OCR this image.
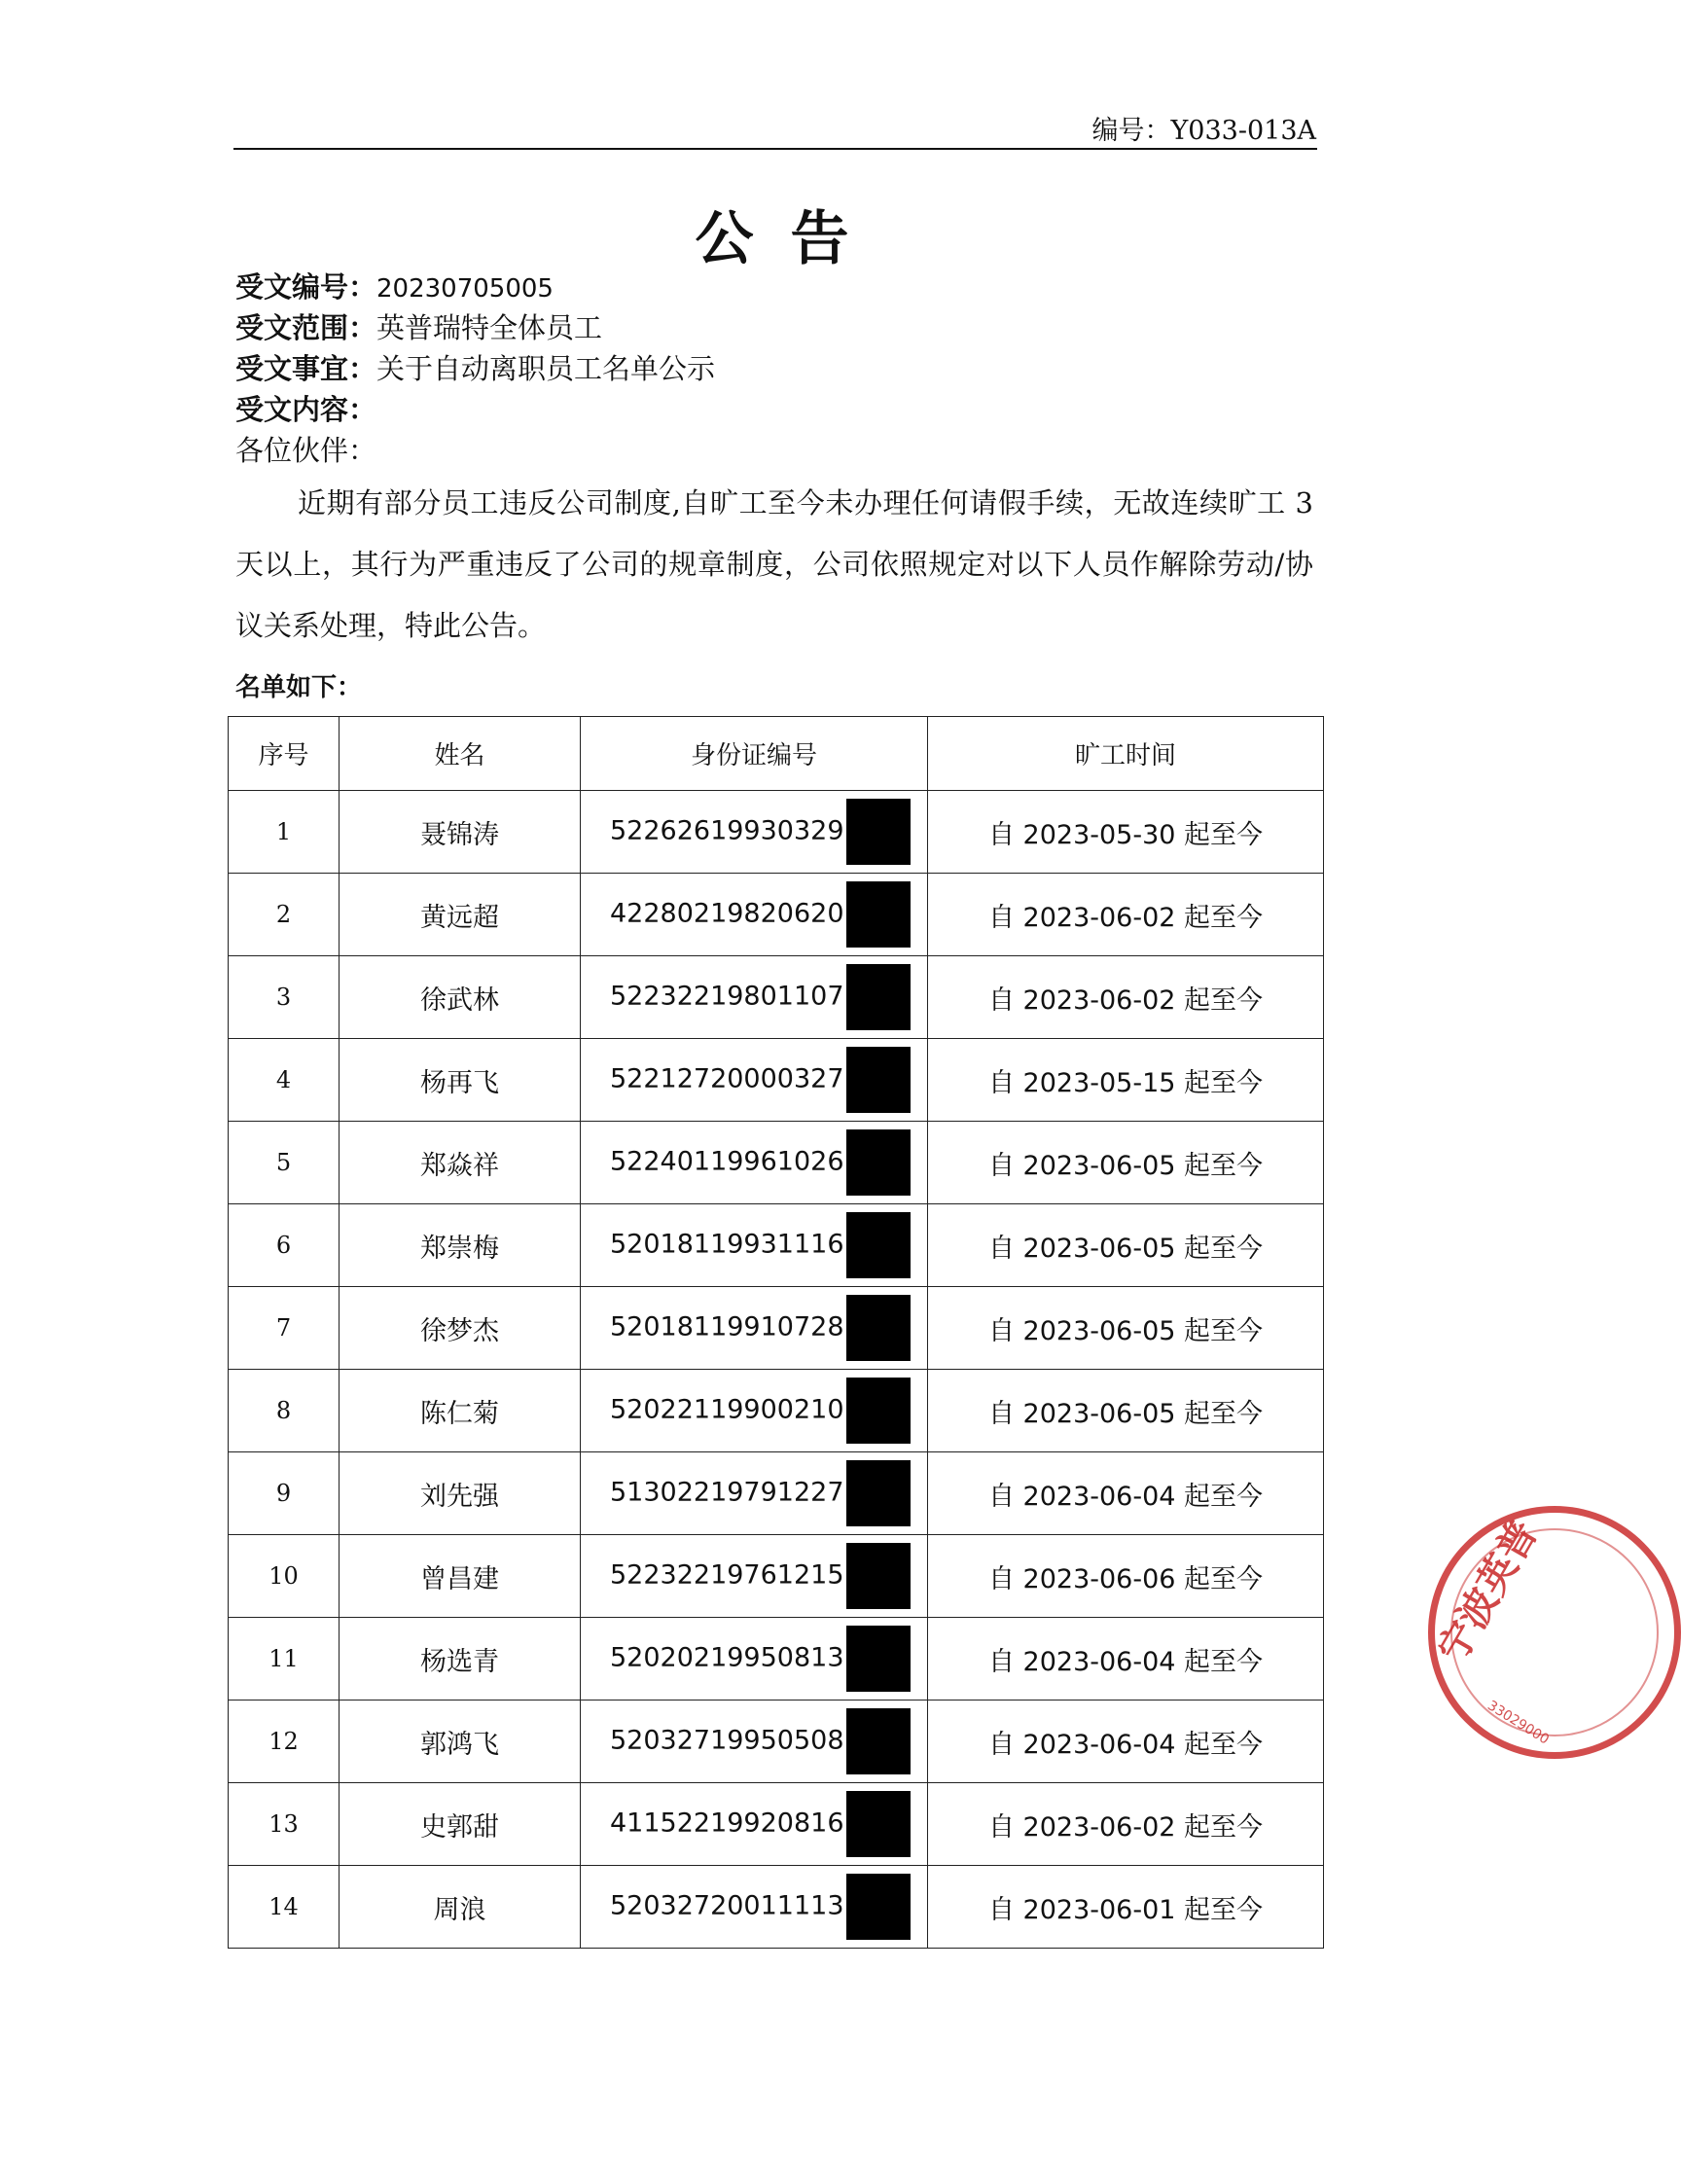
编号：Y033-013A
公告
受文编号：20230705005
受文范围：英普瑞特全体员工
受文事宜：关于自动离职员工名单公示
受文内容：
各位伙伴：
近期有部分员工违反公司制度,自旷工至今未办理任何请假手续，无故连续旷工 3 天以上，其行为严重违反了公司的规章制度，公司依照规定对以下人员作解除劳动/协议关系处理，特此公告。
名单如下：
序号	姓名	身份证编号	旷工时间
1	聂锦涛	52262619930329	自 2023-05-30 起至今
2	黄远超	42280219820620	自 2023-06-02 起至今
3	徐武林	52232219801107	自 2023-06-02 起至今
4	杨再飞	52212720000327	自 2023-05-15 起至今
5	郑焱祥	52240119961026	自 2023-06-05 起至今
6	郑崇梅	52018119931116	自 2023-06-05 起至今
7	徐梦杰	52018119910728	自 2023-06-05 起至今
8	陈仁菊	52022119900210	自 2023-06-05 起至今
9	刘先强	51302219791227	自 2023-06-04 起至今
10	曾昌建	52232219761215	自 2023-06-06 起至今
11	杨选青	52020219950813	自 2023-06-04 起至今
12	郭鸿飞	52032719950508	自 2023-06-04 起至今
13	史郭甜	41152219920816	自 2023-06-02 起至今
14	周浪	52032720011113	自 2023-06-01 起至今
宁波英普
33029000
